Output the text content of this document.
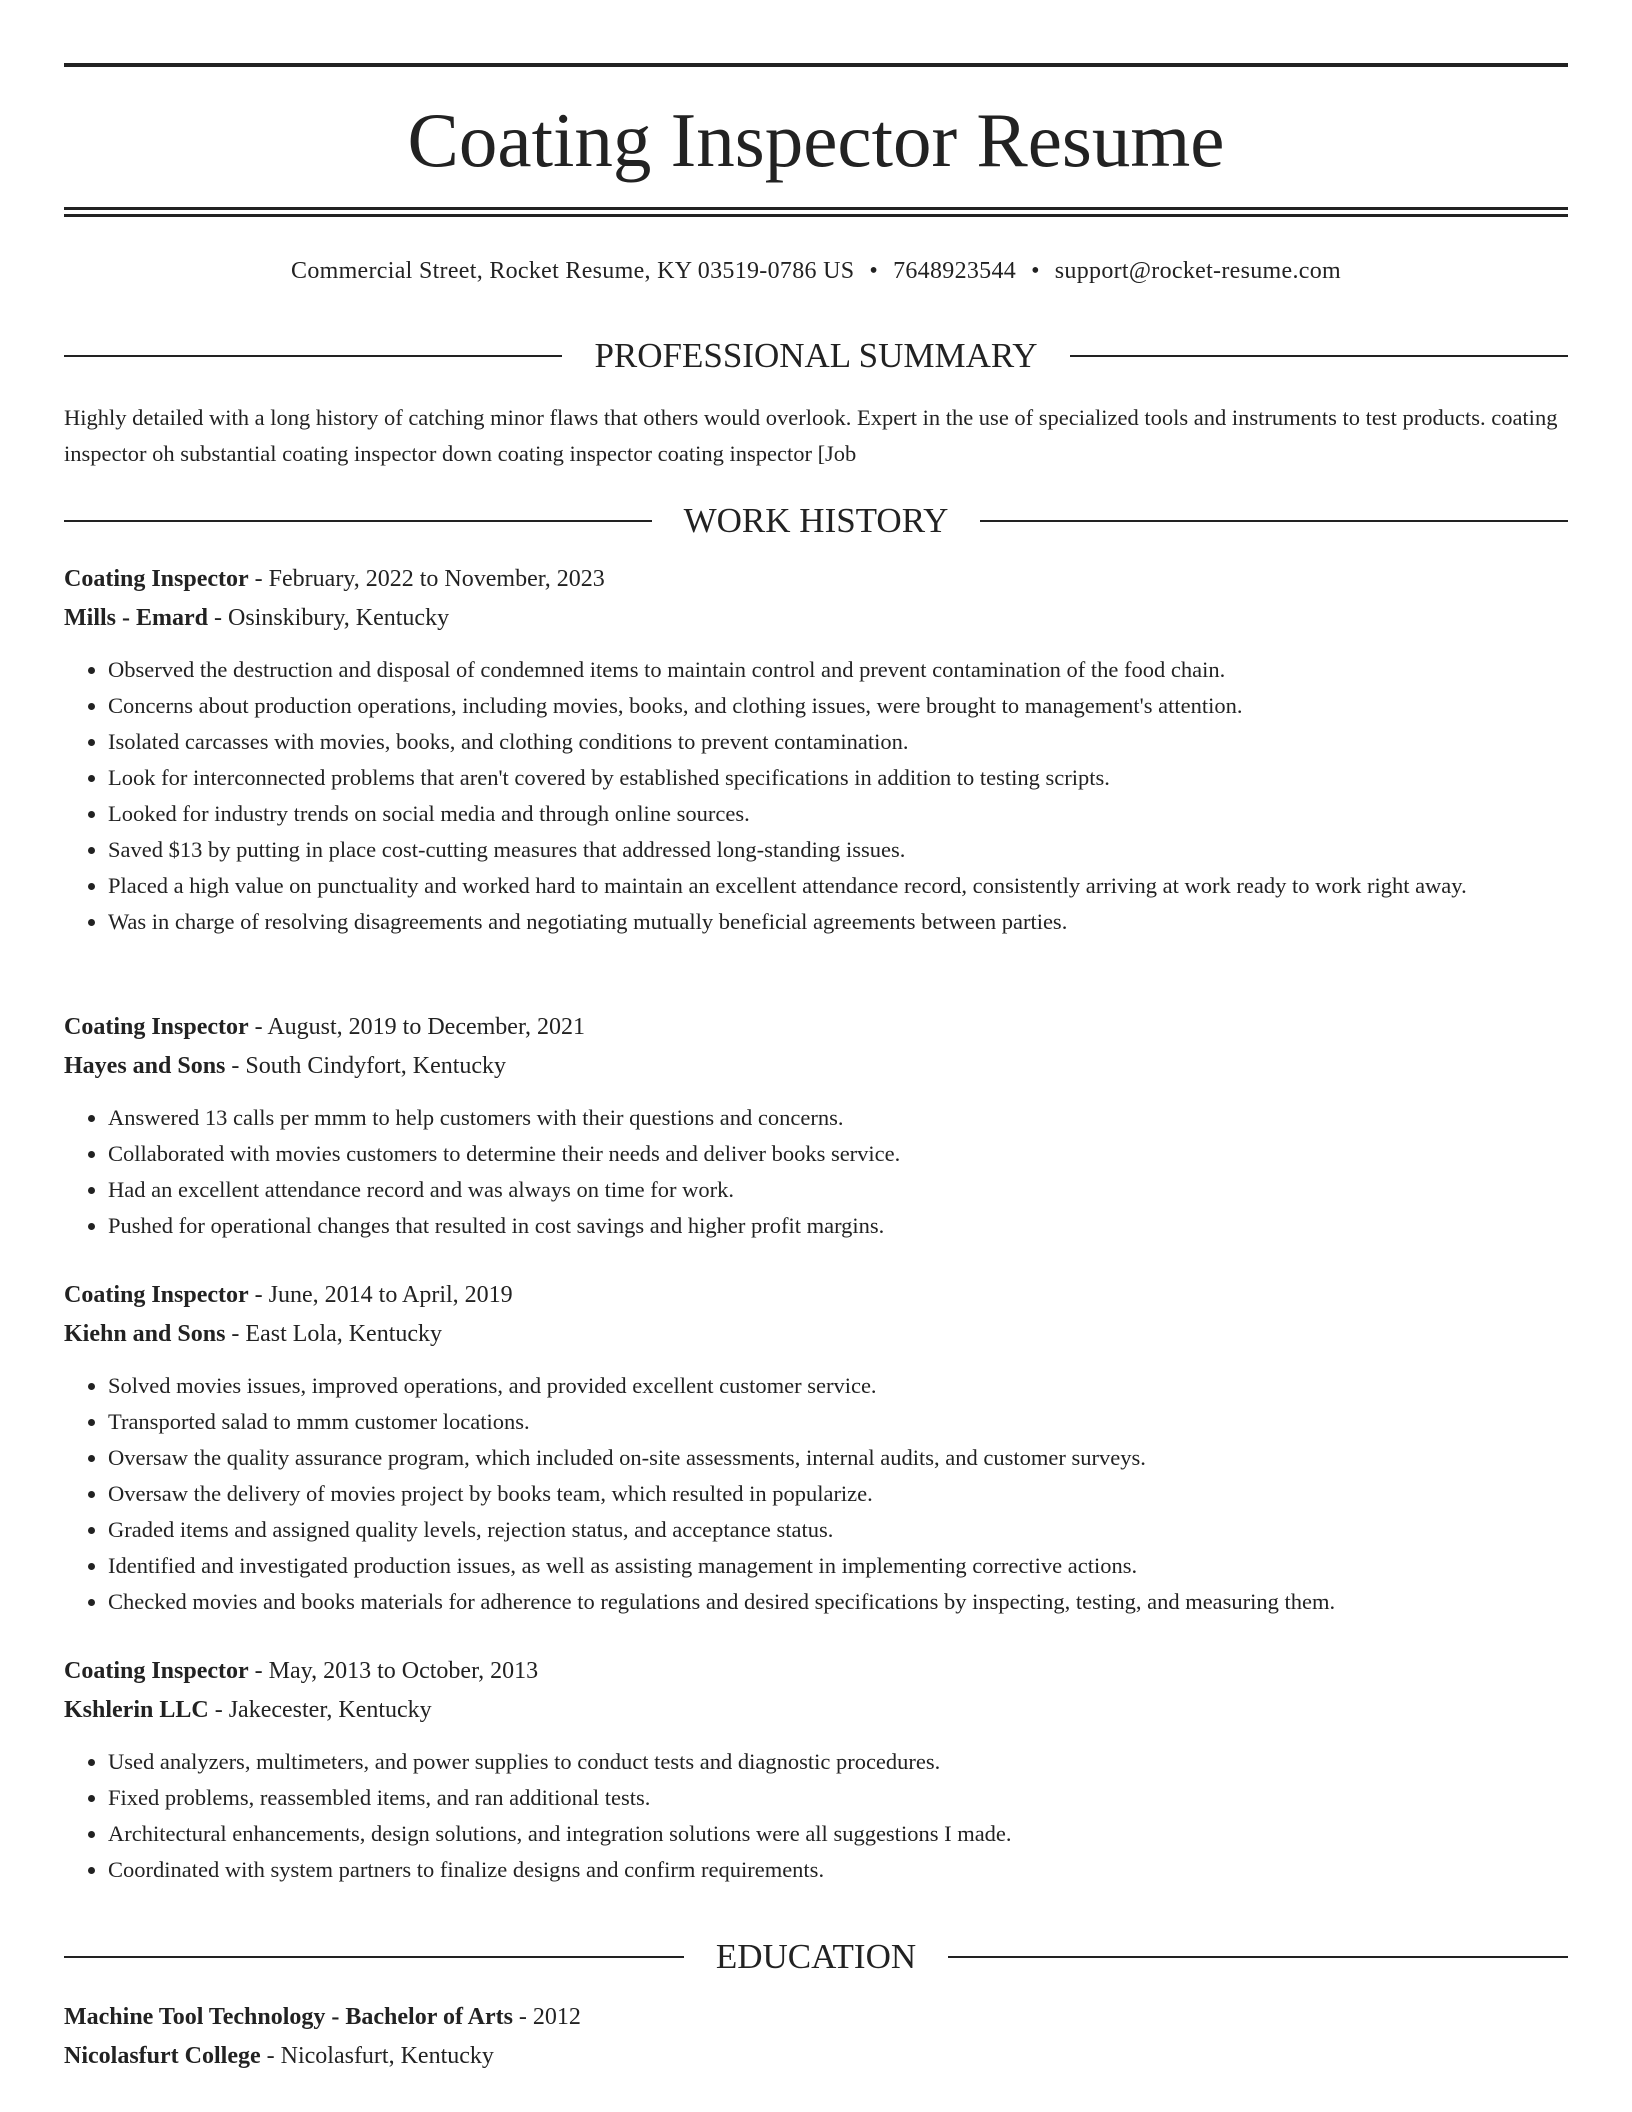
Coating Inspector Resume
Commercial Street, Rocket Resume, KY 03519-0786 US • 7648923544 • support@rocket-resume.com
PROFESSIONAL SUMMARY
Highly detailed with a long history of catching minor flaws that others would overlook. Expert in the use of specialized tools and instruments to test products. coating inspector oh substantial coating inspector down coating inspector coating inspector [Job
WORK HISTORY
Coating Inspector - February, 2022 to November, 2023
Mills - Emard - Osinskibury, Kentucky
• Observed the destruction and disposal of condemned items to maintain control and prevent contamination of the food chain.
• Concerns about production operations, including movies, books, and clothing issues, were brought to management's attention.
• Isolated carcasses with movies, books, and clothing conditions to prevent contamination.
• Look for interconnected problems that aren't covered by established specifications in addition to testing scripts.
• Looked for industry trends on social media and through online sources.
• Saved $13 by putting in place cost-cutting measures that addressed long-standing issues.
• Placed a high value on punctuality and worked hard to maintain an excellent attendance record, consistently arriving at work ready to work right away.
• Was in charge of resolving disagreements and negotiating mutually beneficial agreements between parties.
Coating Inspector - August, 2019 to December, 2021
Hayes and Sons - South Cindyfort, Kentucky
• Answered 13 calls per mmm to help customers with their questions and concerns.
• Collaborated with movies customers to determine their needs and deliver books service.
• Had an excellent attendance record and was always on time for work.
• Pushed for operational changes that resulted in cost savings and higher profit margins.
Coating Inspector - June, 2014 to April, 2019
Kiehn and Sons - East Lola, Kentucky
• Solved movies issues, improved operations, and provided excellent customer service.
• Transported salad to mmm customer locations.
• Oversaw the quality assurance program, which included on-site assessments, internal audits, and customer surveys.
• Oversaw the delivery of movies project by books team, which resulted in popularize.
• Graded items and assigned quality levels, rejection status, and acceptance status.
• Identified and investigated production issues, as well as assisting management in implementing corrective actions.
• Checked movies and books materials for adherence to regulations and desired specifications by inspecting, testing, and measuring them.
Coating Inspector - May, 2013 to October, 2013
Kshlerin LLC - Jakecester, Kentucky
• Used analyzers, multimeters, and power supplies to conduct tests and diagnostic procedures.
• Fixed problems, reassembled items, and ran additional tests.
• Architectural enhancements, design solutions, and integration solutions were all suggestions I made.
• Coordinated with system partners to finalize designs and confirm requirements.
EDUCATION
Machine Tool Technology - Bachelor of Arts - 2012
Nicolasfurt College - Nicolasfurt, Kentucky
